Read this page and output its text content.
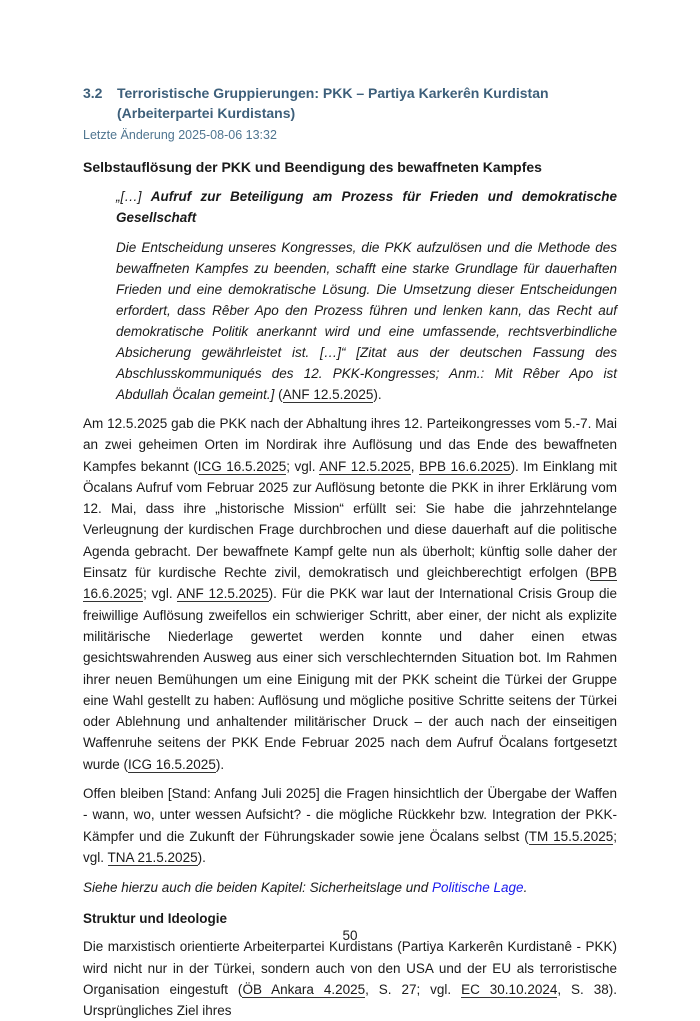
3.2	Terroristische Gruppierungen: PKK – Partiya Karkerên Kurdistan (Arbeiterpartei Kurdistans)
Letzte Änderung 2025-08-06 13:32
Selbstauflösung der PKK und Beendigung des bewaffneten Kampfes

„[…] Aufruf zur Beteiligung am Prozess für Frieden und demokratische Gesellschaft

Die Entscheidung unseres Kongresses, die PKK aufzulösen und die Methode des bewaffneten Kampfes zu beenden, schafft eine starke Grundlage für dauerhaften Frieden und eine demokratische Lösung. Die Umsetzung dieser Entscheidungen erfordert, dass Rêber Apo den Prozess führen und lenken kann, das Recht auf demokratische Politik anerkannt wird und eine umfassende, rechtsverbindliche Absicherung gewährleistet ist. […]“ [Zitat aus der deutschen Fassung des Abschlusskommuniqués des 12. PKK-Kongresses; Anm.: Mit Rêber Apo ist Abdullah Öcalan gemeint.] (ANF 12.5.2025).

Am 12.5.2025 gab die PKK nach der Abhaltung ihres 12. Parteikongresses vom 5.-7. Mai an zwei geheimen Orten im Nordirak ihre Auflösung und das Ende des bewaffneten Kampfes bekannt (ICG 16.5.2025; vgl. ANF 12.5.2025, BPB 16.6.2025). Im Einklang mit Öcalans Aufruf vom Februar 2025 zur Auflösung betonte die PKK in ihrer Erklärung vom 12. Mai, dass ihre „historische Mission“ erfüllt sei: Sie habe die jahrzehntelange Verleugnung der kurdischen Frage durchbrochen und diese dauerhaft auf die politische Agenda gebracht. Der bewaffnete Kampf gelte nun als überholt; künftig solle daher der Einsatz für kurdische Rechte zivil, demokratisch und gleichberechtigt erfolgen (BPB 16.6.2025; vgl. ANF 12.5.2025). Für die PKK war laut der International Crisis Group die freiwillige Auflösung zweifellos ein schwieriger Schritt, aber einer, der nicht als explizite militärische Niederlage gewertet werden konnte und daher einen etwas gesichtswahrenden Ausweg aus einer sich verschlechternden Situation bot. Im Rahmen ihrer neuen Bemühungen um eine Einigung mit der PKK scheint die Türkei der Gruppe eine Wahl gestellt zu haben: Auflösung und mögliche positive Schritte seitens der Türkei oder Ablehnung und anhaltender militärischer Druck – der auch nach der einseitigen Waffenruhe seitens der PKK Ende Februar 2025 nach dem Aufruf Öcalans fortgesetzt wurde (ICG 16.5.2025).

Offen bleiben [Stand: Anfang Juli 2025] die Fragen hinsichtlich der Übergabe der Waffen - wann, wo, unter wessen Aufsicht? - die mögliche Rückkehr bzw. Integration der PKK-Kämpfer und die Zukunft der Führungskader sowie jene Öcalans selbst (TM 15.5.2025; vgl. TNA 21.5.2025).

Siehe hierzu auch die beiden Kapitel: Sicherheitslage und Politische Lage.

Struktur und Ideologie

Die marxistisch orientierte Arbeiterpartei Kurdistans (Partiya Karkerên Kurdistanê - PKK) wird nicht nur in der Türkei, sondern auch von den USA und der EU als terroristische Organisation eingestuft (ÖB Ankara 4.2025, S. 27; vgl. EC 30.10.2024, S. 38). Ursprüngliches Ziel ihres

50
